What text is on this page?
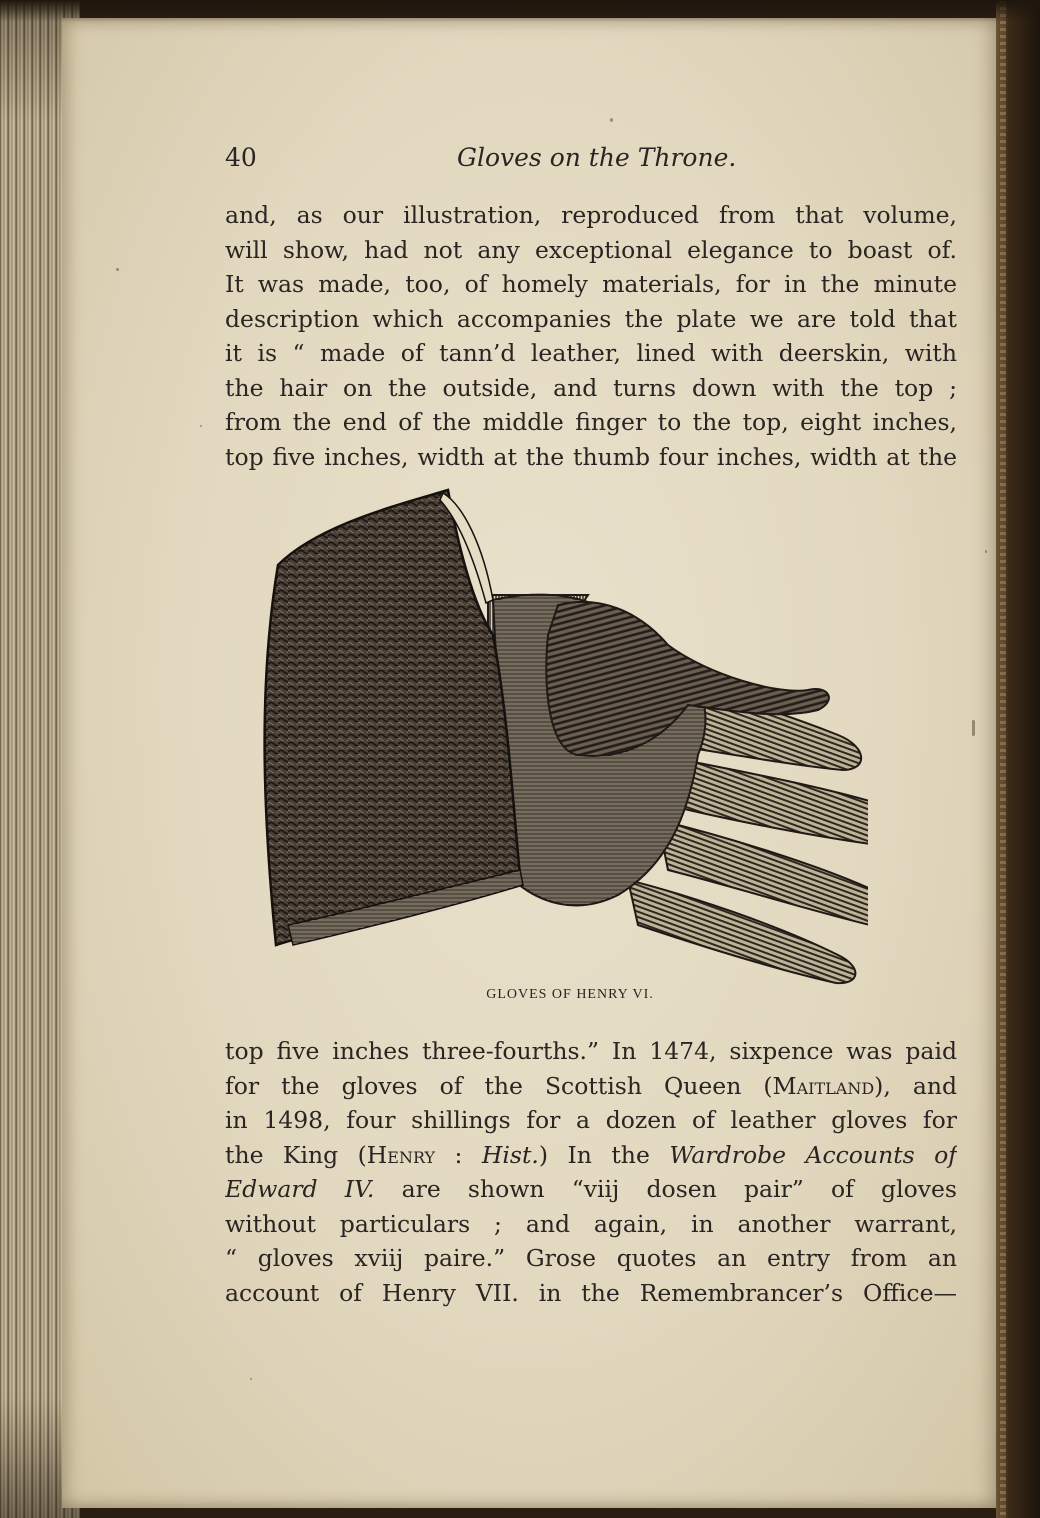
40	Gloves on the Throne.
and, as our illustration, reproduced from that volume,
will show, had not any exceptional elegance to boast of.
It was made, too, of homely materials, for in the minute
description which accompanies the plate we are told that
it is “ made of tann’d leather, lined with deerskin, with
the hair on the outside, and turns down with the top ;
from the end of the middle finger to the top, eight inches,
top five inches, width at the thumb four inches, width at the
GLOVES OF HENRY VI.
top five inches three-fourths.” In 1474, sixpence was paid
for the gloves of the Scottish Queen (Maitland), and
in 1498, four shillings for a dozen of leather gloves for
the King (Henry : Hist.) In the Wardrobe Accounts of
Edward IV. are shown “viij dosen pair” of gloves
without particulars ; and again, in another warrant,
“ gloves xviij paire.” Grose quotes an entry from an
account of Henry VII. in the Remembrancer’s Office—
